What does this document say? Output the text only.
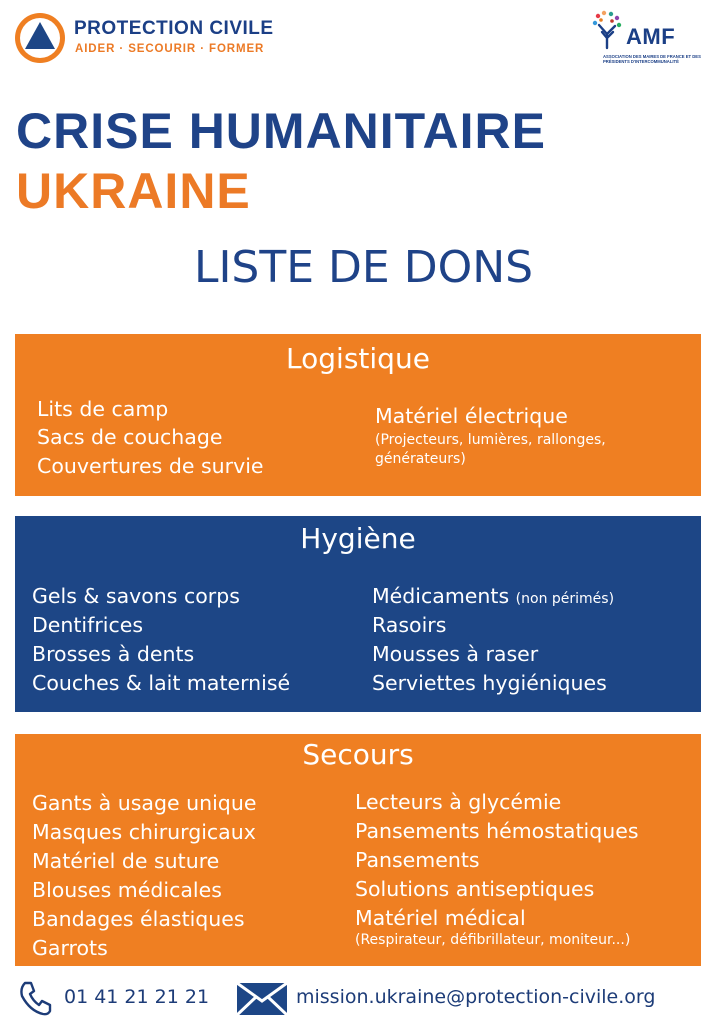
PROTECTION CIVILE
AIDER · SECOURIR · FORMER	AMF
ASSOCIATION DES MAIRES DE FRANCE ET DES PRÉSIDENTS D'INTERCOMMUNALITÉ
CRISE HUMANITAIRE
UKRAINE
LISTE DE DONS
Logistique
Lits de camp
Sacs de couchage
Couvertures de survie
Matériel électrique
(Projecteurs, lumières, rallonges,
générateurs)
Hygiène
Gels & savons corps
Dentifrices
Brosses à dents
Couches & lait maternisé
Médicaments (non périmés)
Rasoirs
Mousses à raser
Serviettes hygiéniques
Secours
Gants à usage unique
Masques chirurgicaux
Matériel de suture
Blouses médicales
Bandages élastiques
Garrots
Lecteurs à glycémie
Pansements hémostatiques
Pansements
Solutions antiseptiques
Matériel médical
(Respirateur, défibrillateur, moniteur...)
01 41 21 21 21	mission.ukraine@protection-civile.org
